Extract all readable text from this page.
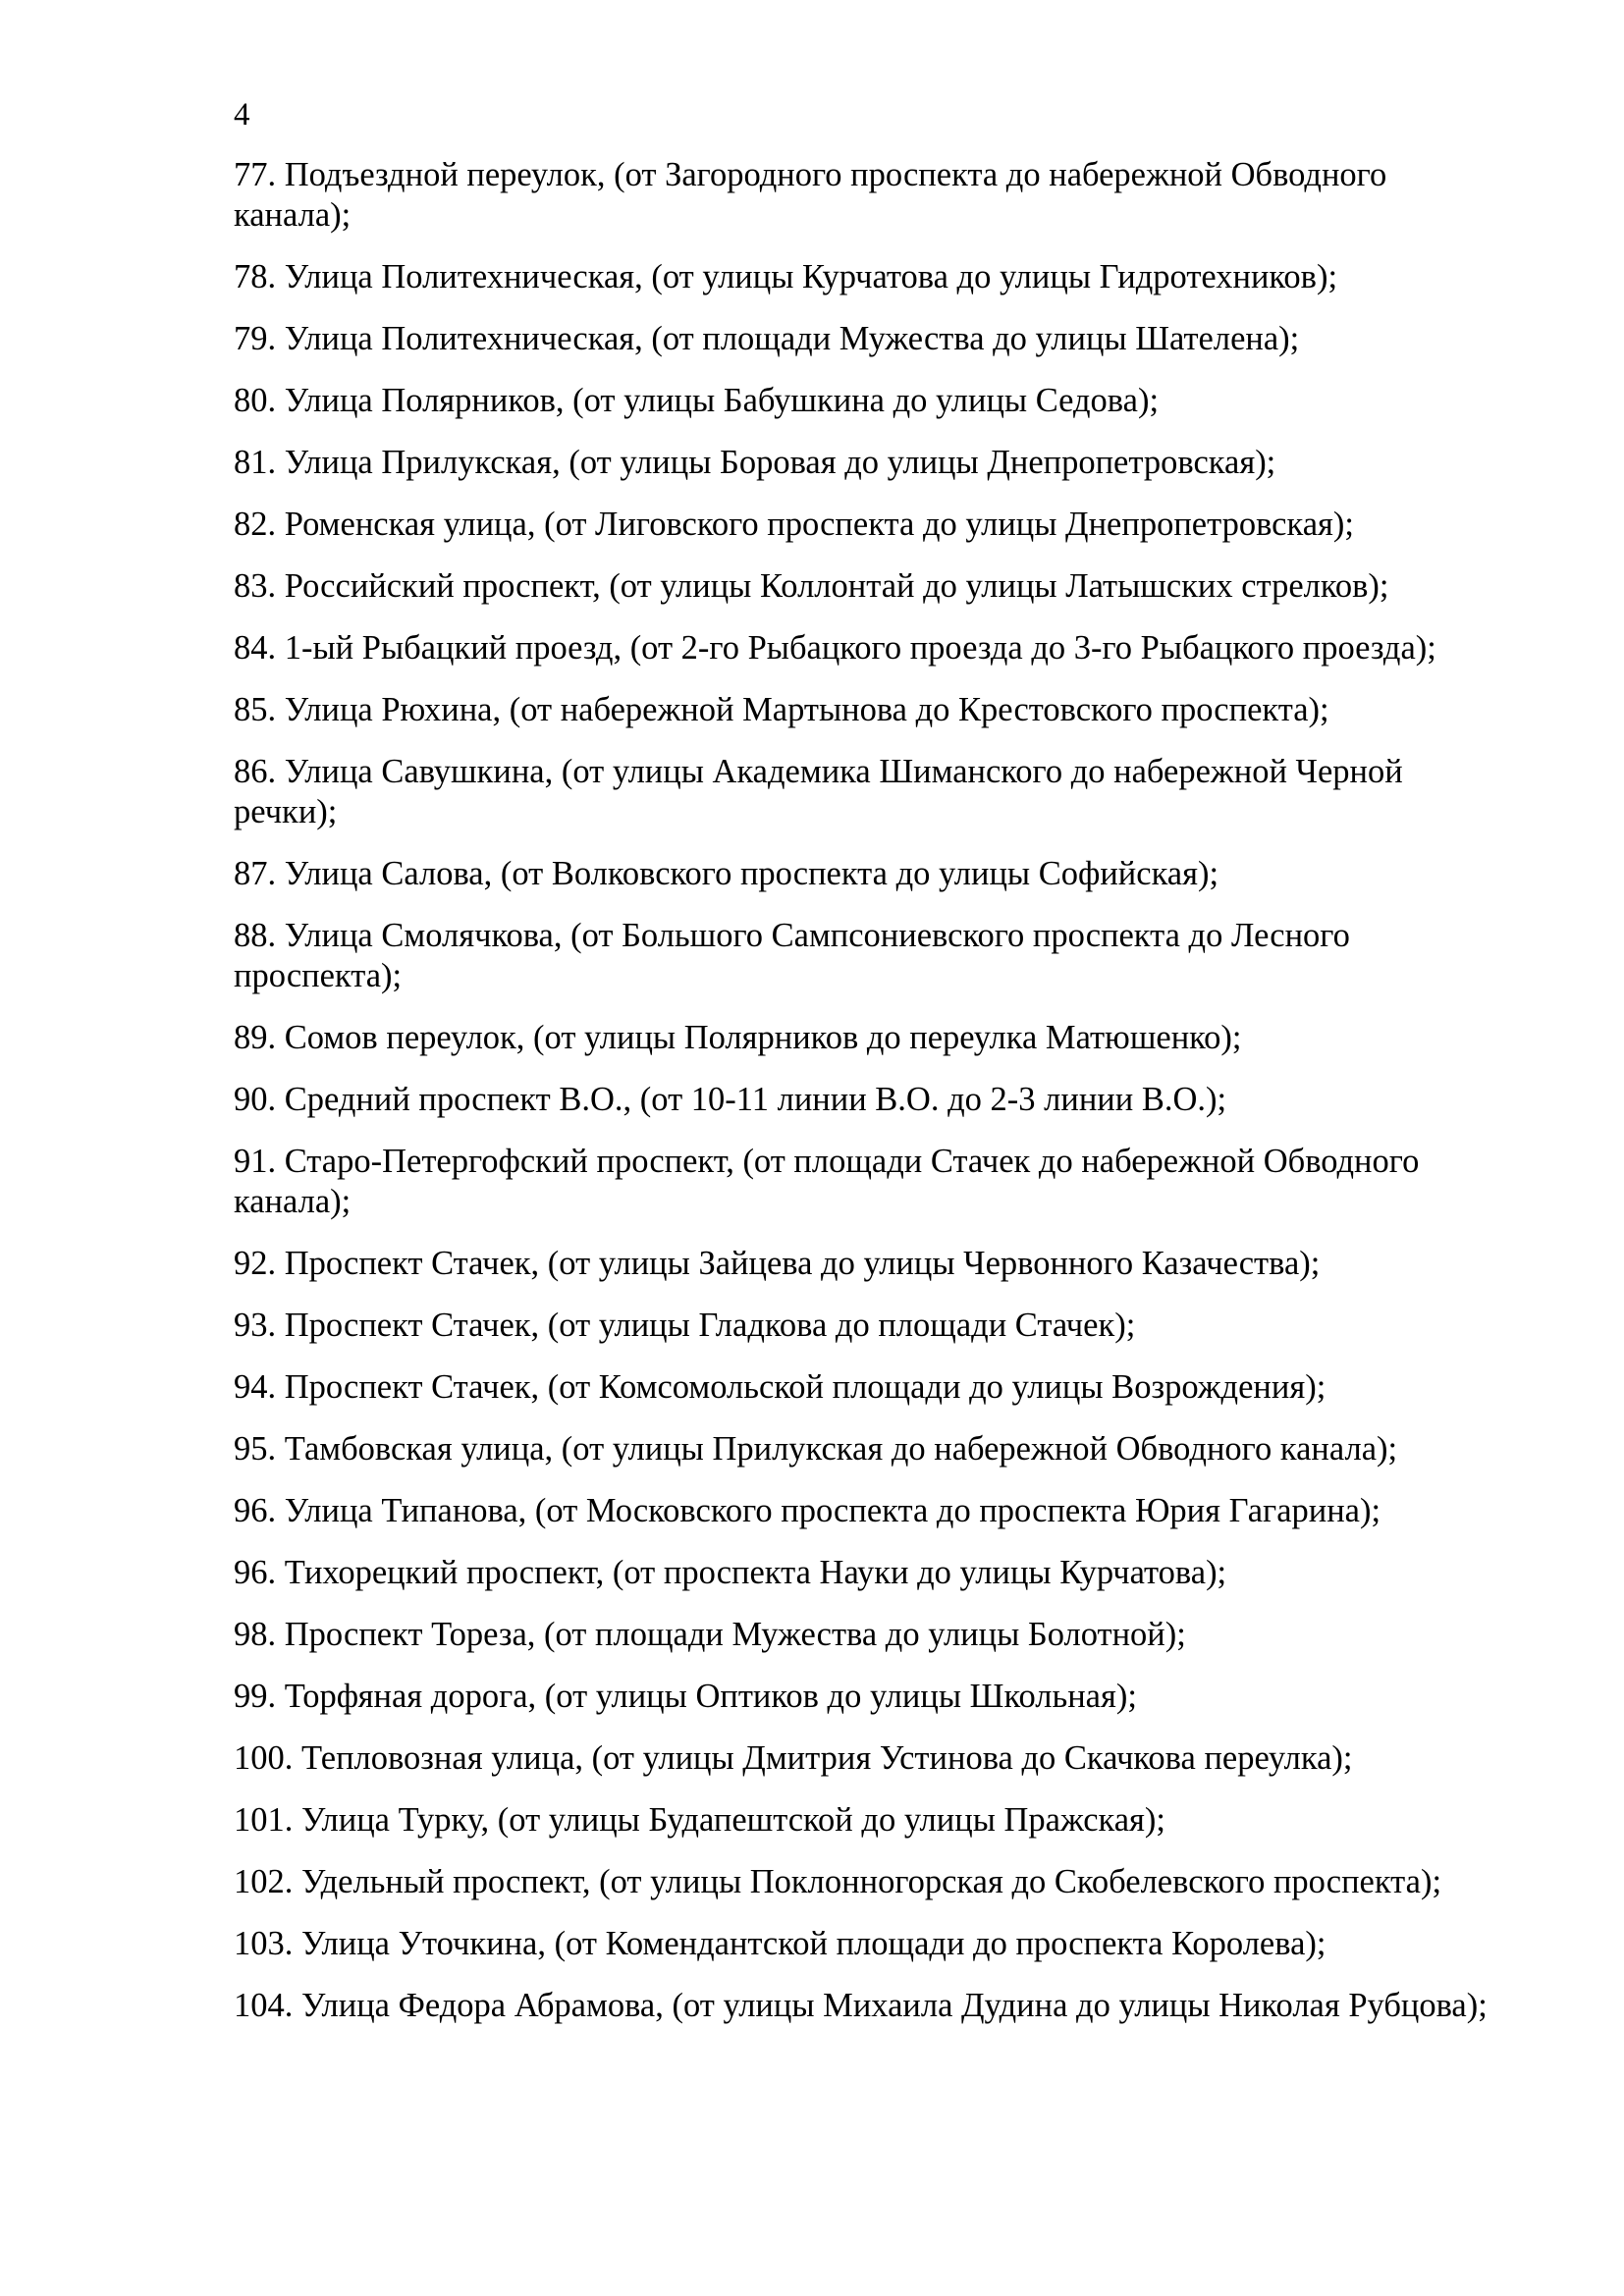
4
77. Подъездной переулок, (от Загородного проспекта до набережной Обводного канала);
78. Улица Политехническая, (от улицы Курчатова до улицы Гидротехников);
79. Улица Политехническая, (от площади Мужества до улицы Шателена);
80. Улица Полярников, (от улицы Бабушкина до улицы Седова);
81. Улица Прилукская, (от улицы Боровая до улицы Днепропетровская);
82. Роменская улица, (от Лиговского проспекта до улицы Днепропетровская);
83. Российский проспект, (от улицы Коллонтай до улицы Латышских стрелков);
84. 1-ый Рыбацкий проезд, (от 2-го Рыбацкого проезда до 3-го Рыбацкого проезда);
85. Улица Рюхина, (от набережной Мартынова до Крестовского проспекта);
86. Улица Савушкина, (от улицы Академика Шиманского до набережной Черной речки);
87. Улица Салова, (от Волковского проспекта до улицы Софийская);
88. Улица Смолячкова, (от Большого Сампсониевского проспекта до Лесного проспекта);
89. Сомов переулок, (от улицы Полярников до переулка Матюшенко);
90. Средний проспект В.О., (от 10-11 линии В.О. до 2-3 линии В.О.);
91. Старо-Петергофский проспект, (от площади Стачек до набережной Обводного канала);
92. Проспект Стачек, (от улицы Зайцева до улицы Червонного Казачества);
93. Проспект Стачек, (от улицы Гладкова до площади Стачек);
94. Проспект Стачек, (от Комсомольской площади до улицы Возрождения);
95. Тамбовская улица, (от улицы Прилукская до набережной Обводного канала);
96. Улица Типанова, (от Московского проспекта до проспекта Юрия Гагарина);
96. Тихорецкий проспект, (от проспекта Науки до улицы Курчатова);
98. Проспект Тореза, (от площади Мужества до улицы Болотной);
99. Торфяная дорога, (от улицы Оптиков до улицы Школьная);
100. Тепловозная улица, (от улицы Дмитрия Устинова до Скачкова переулка);
101. Улица Турку, (от улицы Будапештской до улицы Пражская);
102. Удельный проспект, (от улицы Поклонногорская до Скобелевского проспекта);
103. Улица Уточкина, (от Комендантской площади до проспекта Королева);
104. Улица Федора Абрамова, (от улицы Михаила Дудина до улицы Николая Рубцова);
